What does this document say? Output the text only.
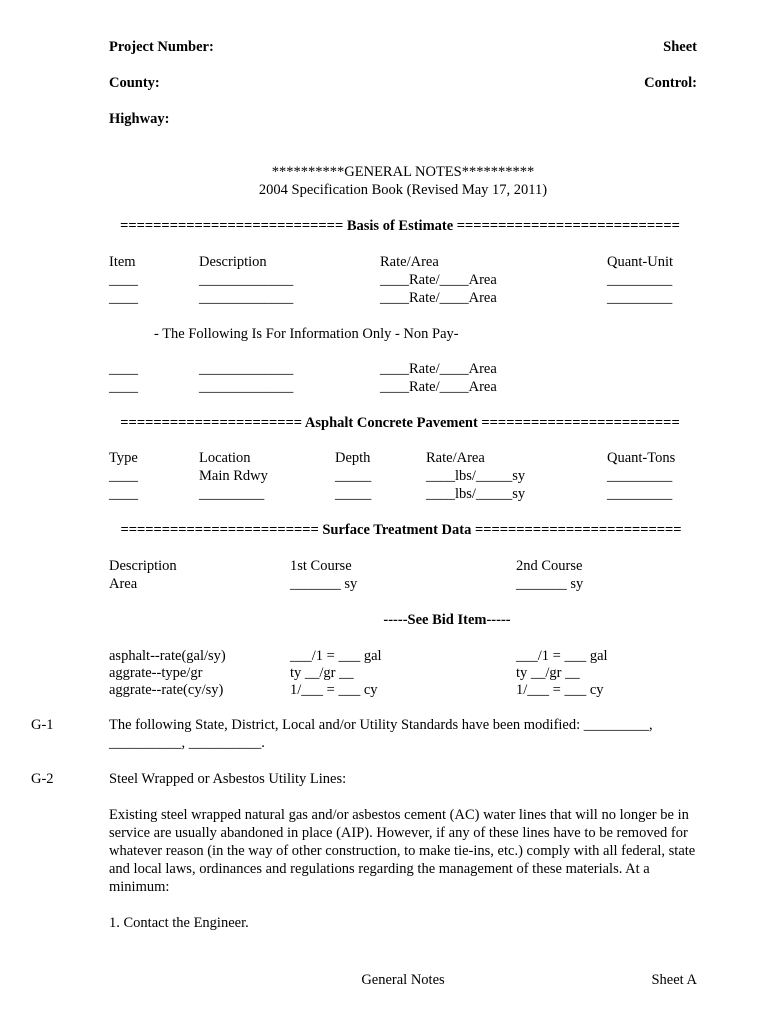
Project Number:	Sheet
County:	Control:
Highway:
**********GENERAL NOTES**********
2004 Specification Book (Revised May 17, 2011)
=========================== Basis of Estimate ===========================
Item	Description	Rate/Area	Quant-Unit
____	_____________	____Rate/____Area	_________
____	_____________	____Rate/____Area	_________
- The Following Is For Information Only - Non Pay-
____	_____________	____Rate/____Area
____	_____________	____Rate/____Area
====================== Asphalt Concrete Pavement ========================
Type	Location	Depth	Rate/Area	Quant-Tons
____	Main Rdwy	_____	____lbs/_____sy	_________
____	_________	_____	____lbs/_____sy	_________
======================== Surface Treatment Data =========================
Description	1st Course	2nd Course
Area	_______ sy	_______ sy
-----See Bid Item-----
asphalt--rate(gal/sy)	___/1 = ___ gal	___/1 = ___ gal
aggrate--type/gr	ty __/gr __	ty __/gr __
aggrate--rate(cy/sy)	1/___ = ___ cy	1/___ = ___ cy
G-1	The following State, District, Local and/or Utility Standards have been modified: _________, __________, __________.
G-2	Steel Wrapped or Asbestos Utility Lines:
Existing steel wrapped natural gas and/or asbestos cement (AC) water lines that will no longer be in service are usually abandoned in place (AIP). However, if any of these lines have to be removed for whatever reason (in the way of other construction, to make tie-ins, etc.) comply with all federal, state and local laws, ordinances and regulations regarding the management of these materials. At a minimum:
1. Contact the Engineer.
General Notes	Sheet A
